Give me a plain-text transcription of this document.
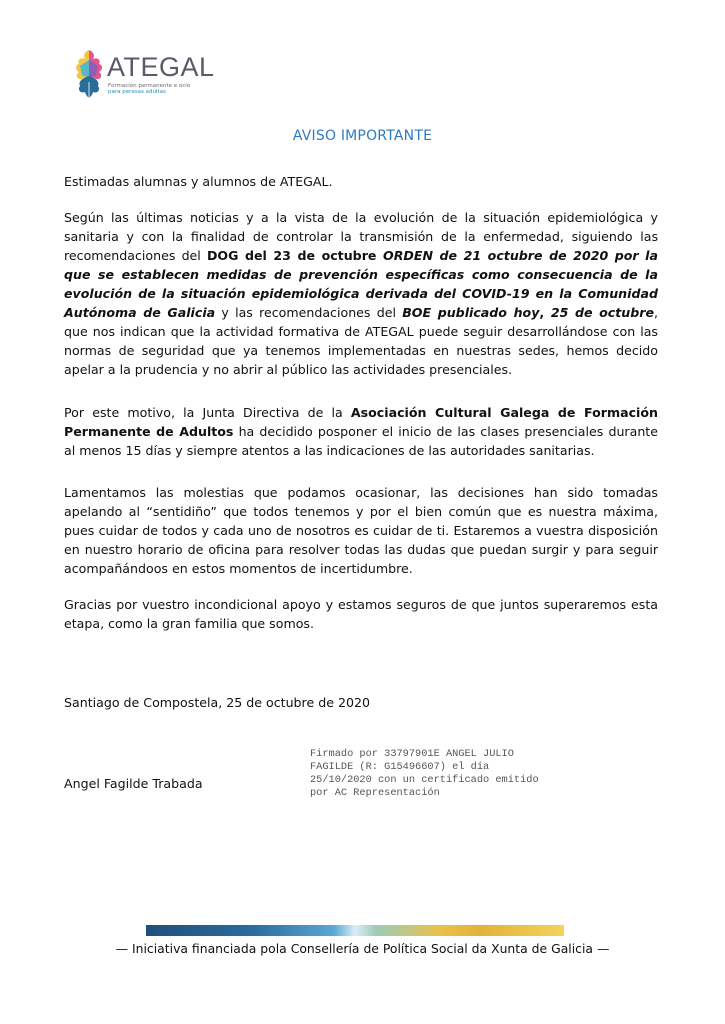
ATEGAL
Formación permanente e ocio
para persoas adultas
AVISO IMPORTANTE
Estimadas alumnas y alumnos de ATEGAL.
Según las últimas noticias y a la vista de la evolución de la situación epidemiológica y sanitaria y con la finalidad de controlar la transmisión de la enfermedad, siguiendo las recomendaciones del DOG del 23 de octubre ORDEN de 21 octubre de 2020 por la que se establecen medidas de prevención específicas como consecuencia de la evolución de la situación epidemiológica derivada del COVID-19 en la Comunidad Autónoma de Galicia y las recomendaciones del BOE publicado hoy, 25 de octubre, que nos indican que la actividad formativa de ATEGAL puede seguir desarrollándose con las normas de seguridad que ya tenemos implementadas en nuestras sedes, hemos decido apelar a la prudencia y no abrir al público las actividades presenciales.
Por este motivo, la Junta Directiva de la Asociación Cultural Galega de Formación Permanente de Adultos ha decidido posponer el inicio de las clases presenciales durante al menos 15 días y siempre atentos a las indicaciones de las autoridades sanitarias.
Lamentamos las molestias que podamos ocasionar, las decisiones han sido tomadas apelando al “sentidiño” que todos tenemos y por el bien común que es nuestra máxima, pues cuidar de todos y cada uno de nosotros es cuidar de ti. Estaremos a vuestra disposición en nuestro horario de oficina para resolver todas las dudas que puedan surgir y para seguir acompañándoos en estos momentos de incertidumbre.
Gracias por vuestro incondicional apoyo y estamos seguros de que juntos superaremos esta etapa, como la gran familia que somos.
Santiago de Compostela, 25 de octubre de 2020
Angel Fagilde Trabada
Firmado por 33797901E ANGEL JULIO
FAGILDE (R: G15496607) el día
25/10/2020 con un certificado emitido
por AC Representación
— Iniciativa financiada pola Consellería de Política Social da Xunta de Galicia —
